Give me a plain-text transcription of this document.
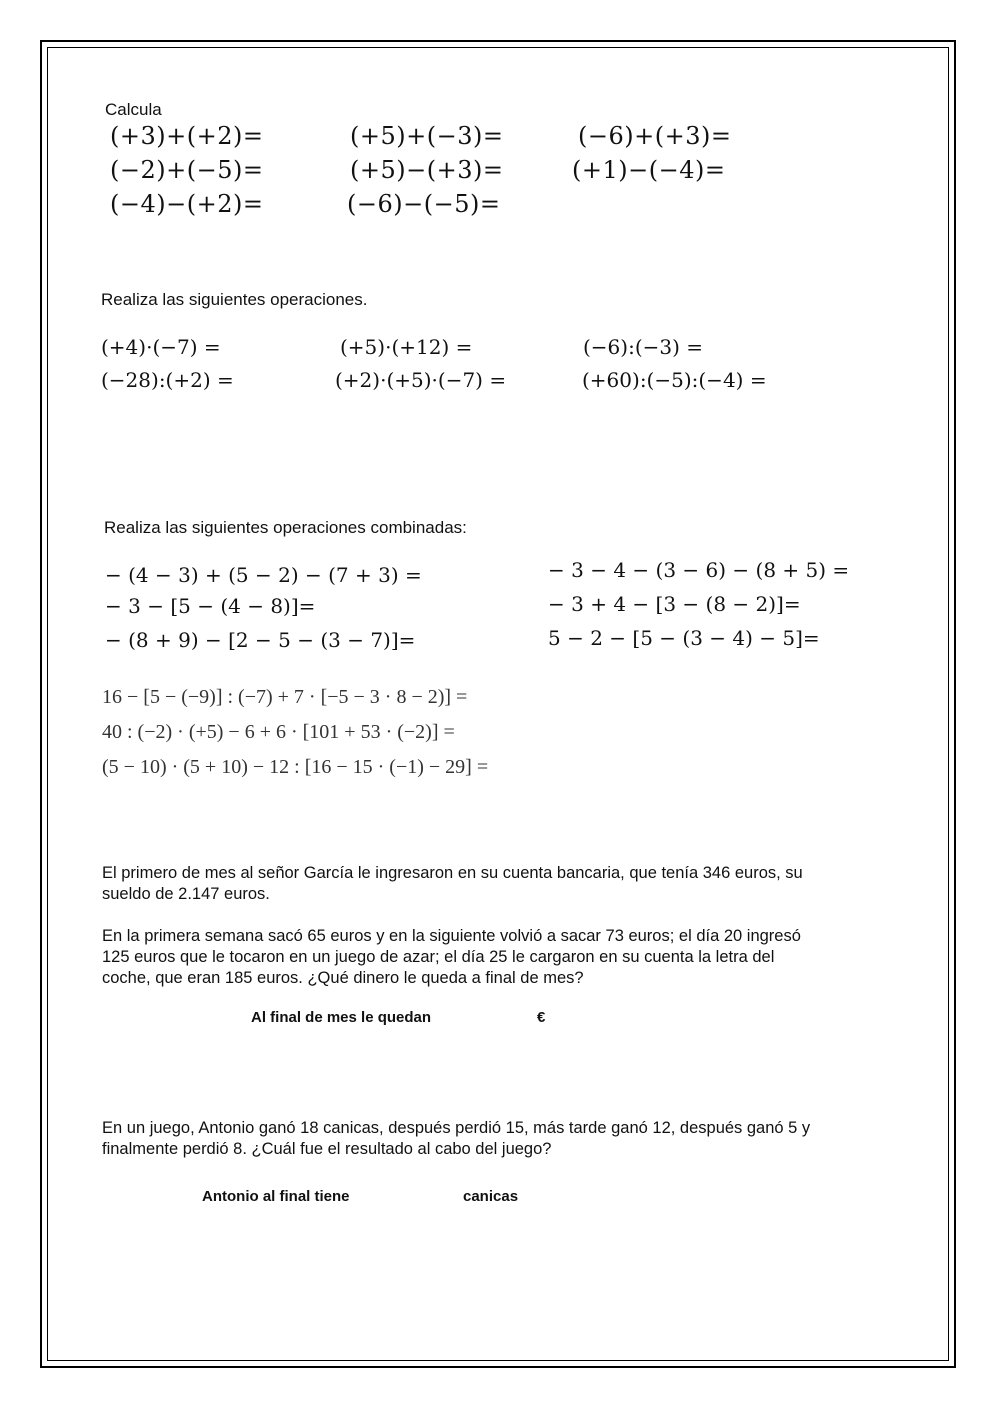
Calcula
(+3)+(+2)=	(+5)+(−3)=	(−6)+(+3)=
(−2)+(−5)=	(+5)−(+3)=	(+1)−(−4)=
(−4)−(+2)=	(−6)−(−5)=
Realiza las siguientes operaciones.
(+4)·(−7) =	(+5)·(+12) =	(−6):(−3) =
(−28):(+2) =	(+2)·(+5)·(−7) =	(+60):(−5):(−4) =
Realiza las siguientes operaciones combinadas:
− (4 − 3) + (5 − 2) − (7 + 3) =
− 3 − [5 − (4 − 8)]=
− (8 + 9) − [2 − 5 − (3 − 7)]=
− 3 − 4 − (3 − 6) − (8 + 5) =
− 3 + 4 − [3 − (8 − 2)]=
5 − 2 − [5 − (3 − 4) − 5]=
16 − [5 − (−9)] : (−7) + 7 · [−5 − 3 · 8 − 2)] =
40 : (−2) · (+5) − 6 + 6 · [101 + 53 · (−2)] =
(5 − 10) · (5 + 10) − 12 : [16 − 15 · (−1) − 29] =
El primero de mes al señor García le ingresaron en su cuenta bancaria, que tenía 346 euros, su sueldo de 2.147 euros.
En la primera semana sacó 65 euros y en la siguiente volvió a sacar 73 euros; el día 20 ingresó 125 euros que le tocaron en un juego de azar; el día 25 le cargaron en su cuenta la letra del coche, que eran 185 euros. ¿Qué dinero le queda a final de mes?
Al final de mes le quedan	€
En un juego, Antonio ganó 18 canicas, después perdió 15, más tarde ganó 12, después ganó 5 y finalmente perdió 8. ¿Cuál fue el resultado al cabo del juego?
Antonio al final tiene	canicas
